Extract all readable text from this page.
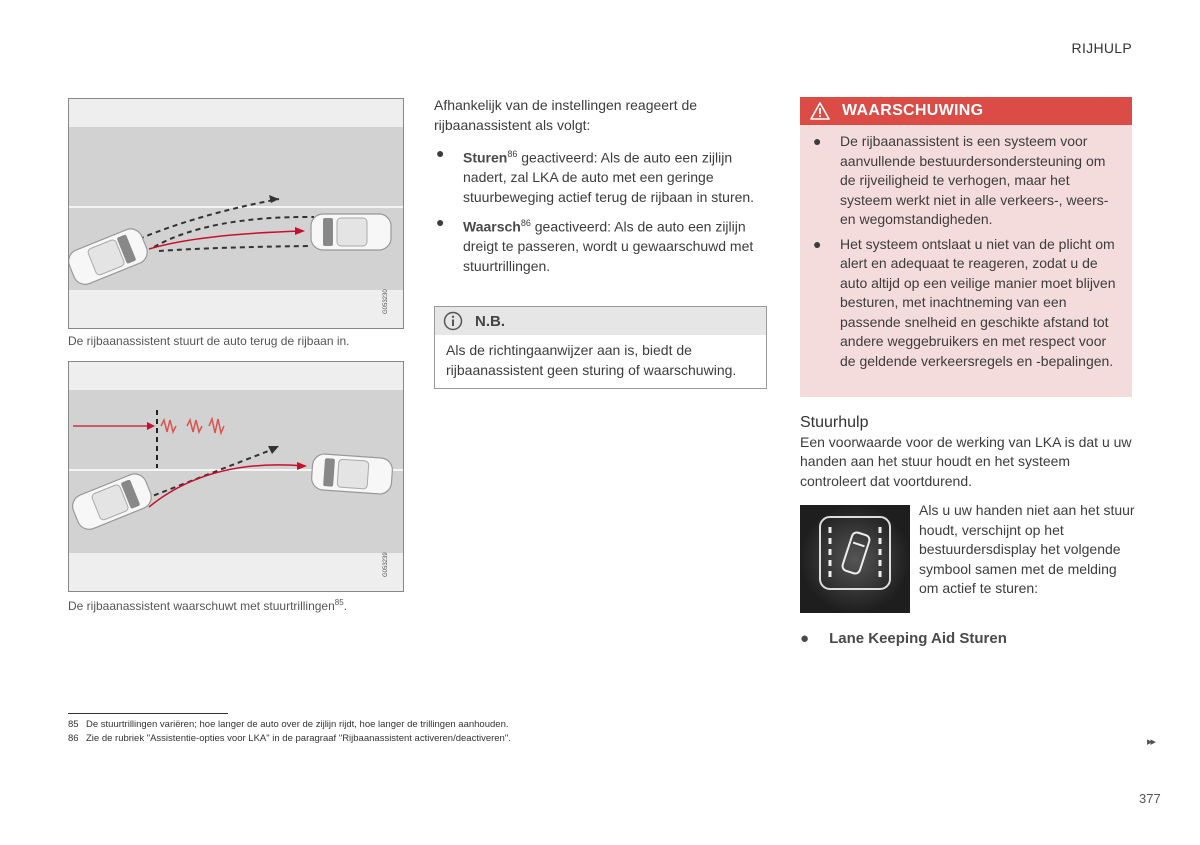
RIJHULP
G053230
De rijbaanassistent stuurt de auto terug de rijbaan in.
G053239
De rijbaanassistent waarschuwt met stuurtrillingen$^{85}$.

Afhankelijk van de instellingen reageert de rijbaanassistent als volgt:

● Sturen$^{86}$ geactiveerd: Als de auto een zijlijn nadert, zal LKA de auto met een geringe stuurbeweging actief terug de rijbaan in sturen.
● Waarsch$^{86}$ geactiveerd: Als de auto een zijlijn dreigt te passeren, wordt u gewaarschuwd met stuurtrillingen.
N.B.
Als de richtingaanwijzer aan is, biedt de rijbaanassistent geen sturing of waarschuwing.
WAARSCHUWING
● De rijbaanassistent is een systeem voor aanvullende bestuurdersondersteuning om de rijveiligheid te verhogen, maar het systeem werkt niet in alle verkeers-, weers- en wegomstandigheden.
● Het systeem ontslaat u niet van de plicht om alert en adequaat te reageren, zodat u de auto altijd op een veilige manier moet blijven besturen, met inachtneming van een passende snelheid en geschikte afstand tot andere weggebruikers en met respect voor de geldende verkeersregels en -bepalingen.
Stuurhulp
Een voorwaarde voor de werking van LKA is dat u uw handen aan het stuur houdt en het systeem controleert dat voortdurend.
Als u uw handen niet aan het stuur houdt, verschijnt op het bestuurdersdisplay het volgende symbool samen met de melding om actief te sturen:
● Lane Keeping Aid Sturen
85 De stuurtrillingen variëren; hoe langer de auto over de zijlijn rijdt, hoe langer de trillingen aanhouden.
86 Zie de rubriek "Assistentie-opties voor LKA" in de paragraaf "Rijbaanassistent activeren/deactiveren".	▸▸
377
